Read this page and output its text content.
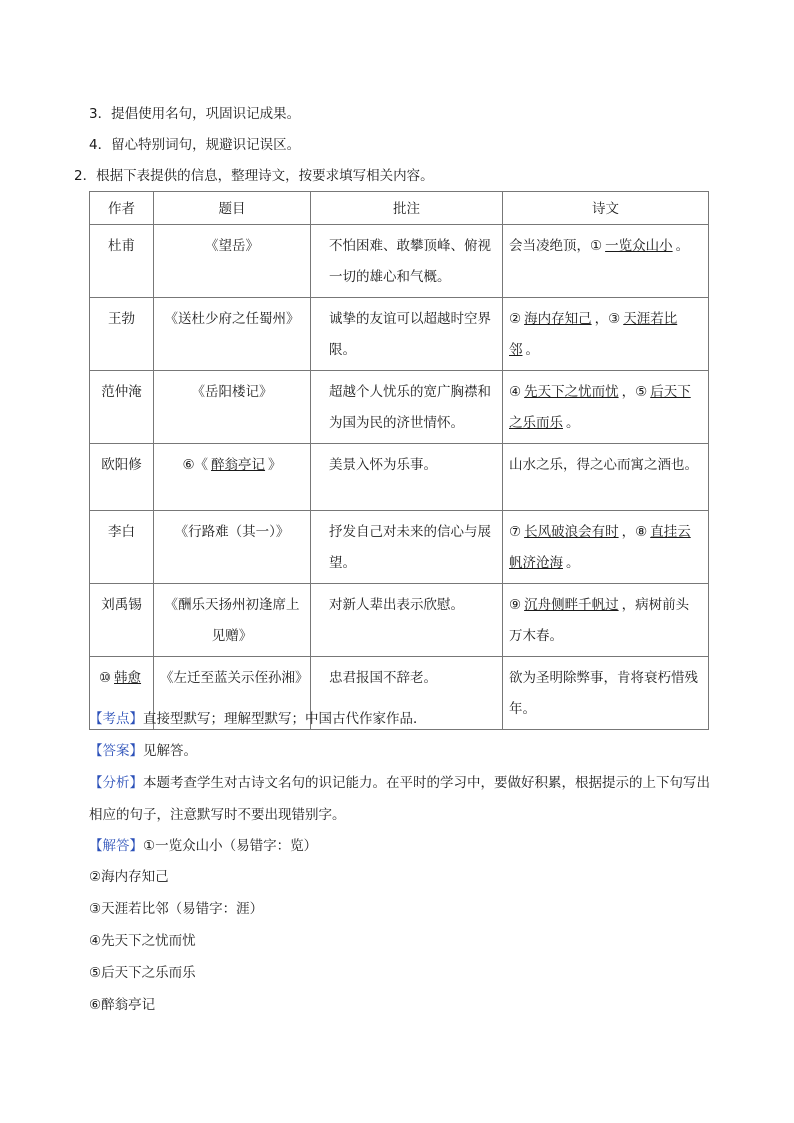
3．提倡使用名句，巩固识记成果。
4．留心特别词句，规避识记误区。
2．根据下表提供的信息，整理诗文，按要求填写相关内容。
作者	题目	批注	诗文
杜甫	《望岳》	不怕困难、敢攀顶峰、俯视一切的雄心和气概。	会当凌绝顶，① 一览众山小 。
王勃	《送杜少府之任蜀州》	诚挚的友谊可以超越时空界限。	② 海内存知己 ，③ 天涯若比邻 。
范仲淹	《岳阳楼记》	超越个人忧乐的宽广胸襟和为国为民的济世情怀。	④ 先天下之忧而忧 ，⑤ 后天下之乐而乐 。
欧阳修	⑥《 醉翁亭记 》	美景入怀为乐事。	山水之乐，得之心而寓之酒也。
李白	《行路难（其一）》	抒发自己对未来的信心与展望。	⑦ 长风破浪会有时 ，⑧ 直挂云帆济沧海 。
刘禹锡	《酬乐天扬州初逢席上见赠》	对新人辈出表示欣慰。	⑨ 沉舟侧畔千帆过 ，病树前头万木春。
⑩ 韩愈	《左迁至蓝关示侄孙湘》	忠君报国不辞老。	欲为圣明除弊事，肯将衰朽惜残年。
【考点】直接型默写；理解型默写；中国古代作家作品．
【答案】见解答。
【分析】本题考查学生对古诗文名句的识记能力。在平时的学习中，要做好积累，根据提示的上下句写出相应的句子，注意默写时不要出现错别字。
【解答】①一览众山小（易错字：览）
②海内存知己
③天涯若比邻（易错字：涯）
④先天下之忧而忧
⑤后天下之乐而乐
⑥醉翁亭记
